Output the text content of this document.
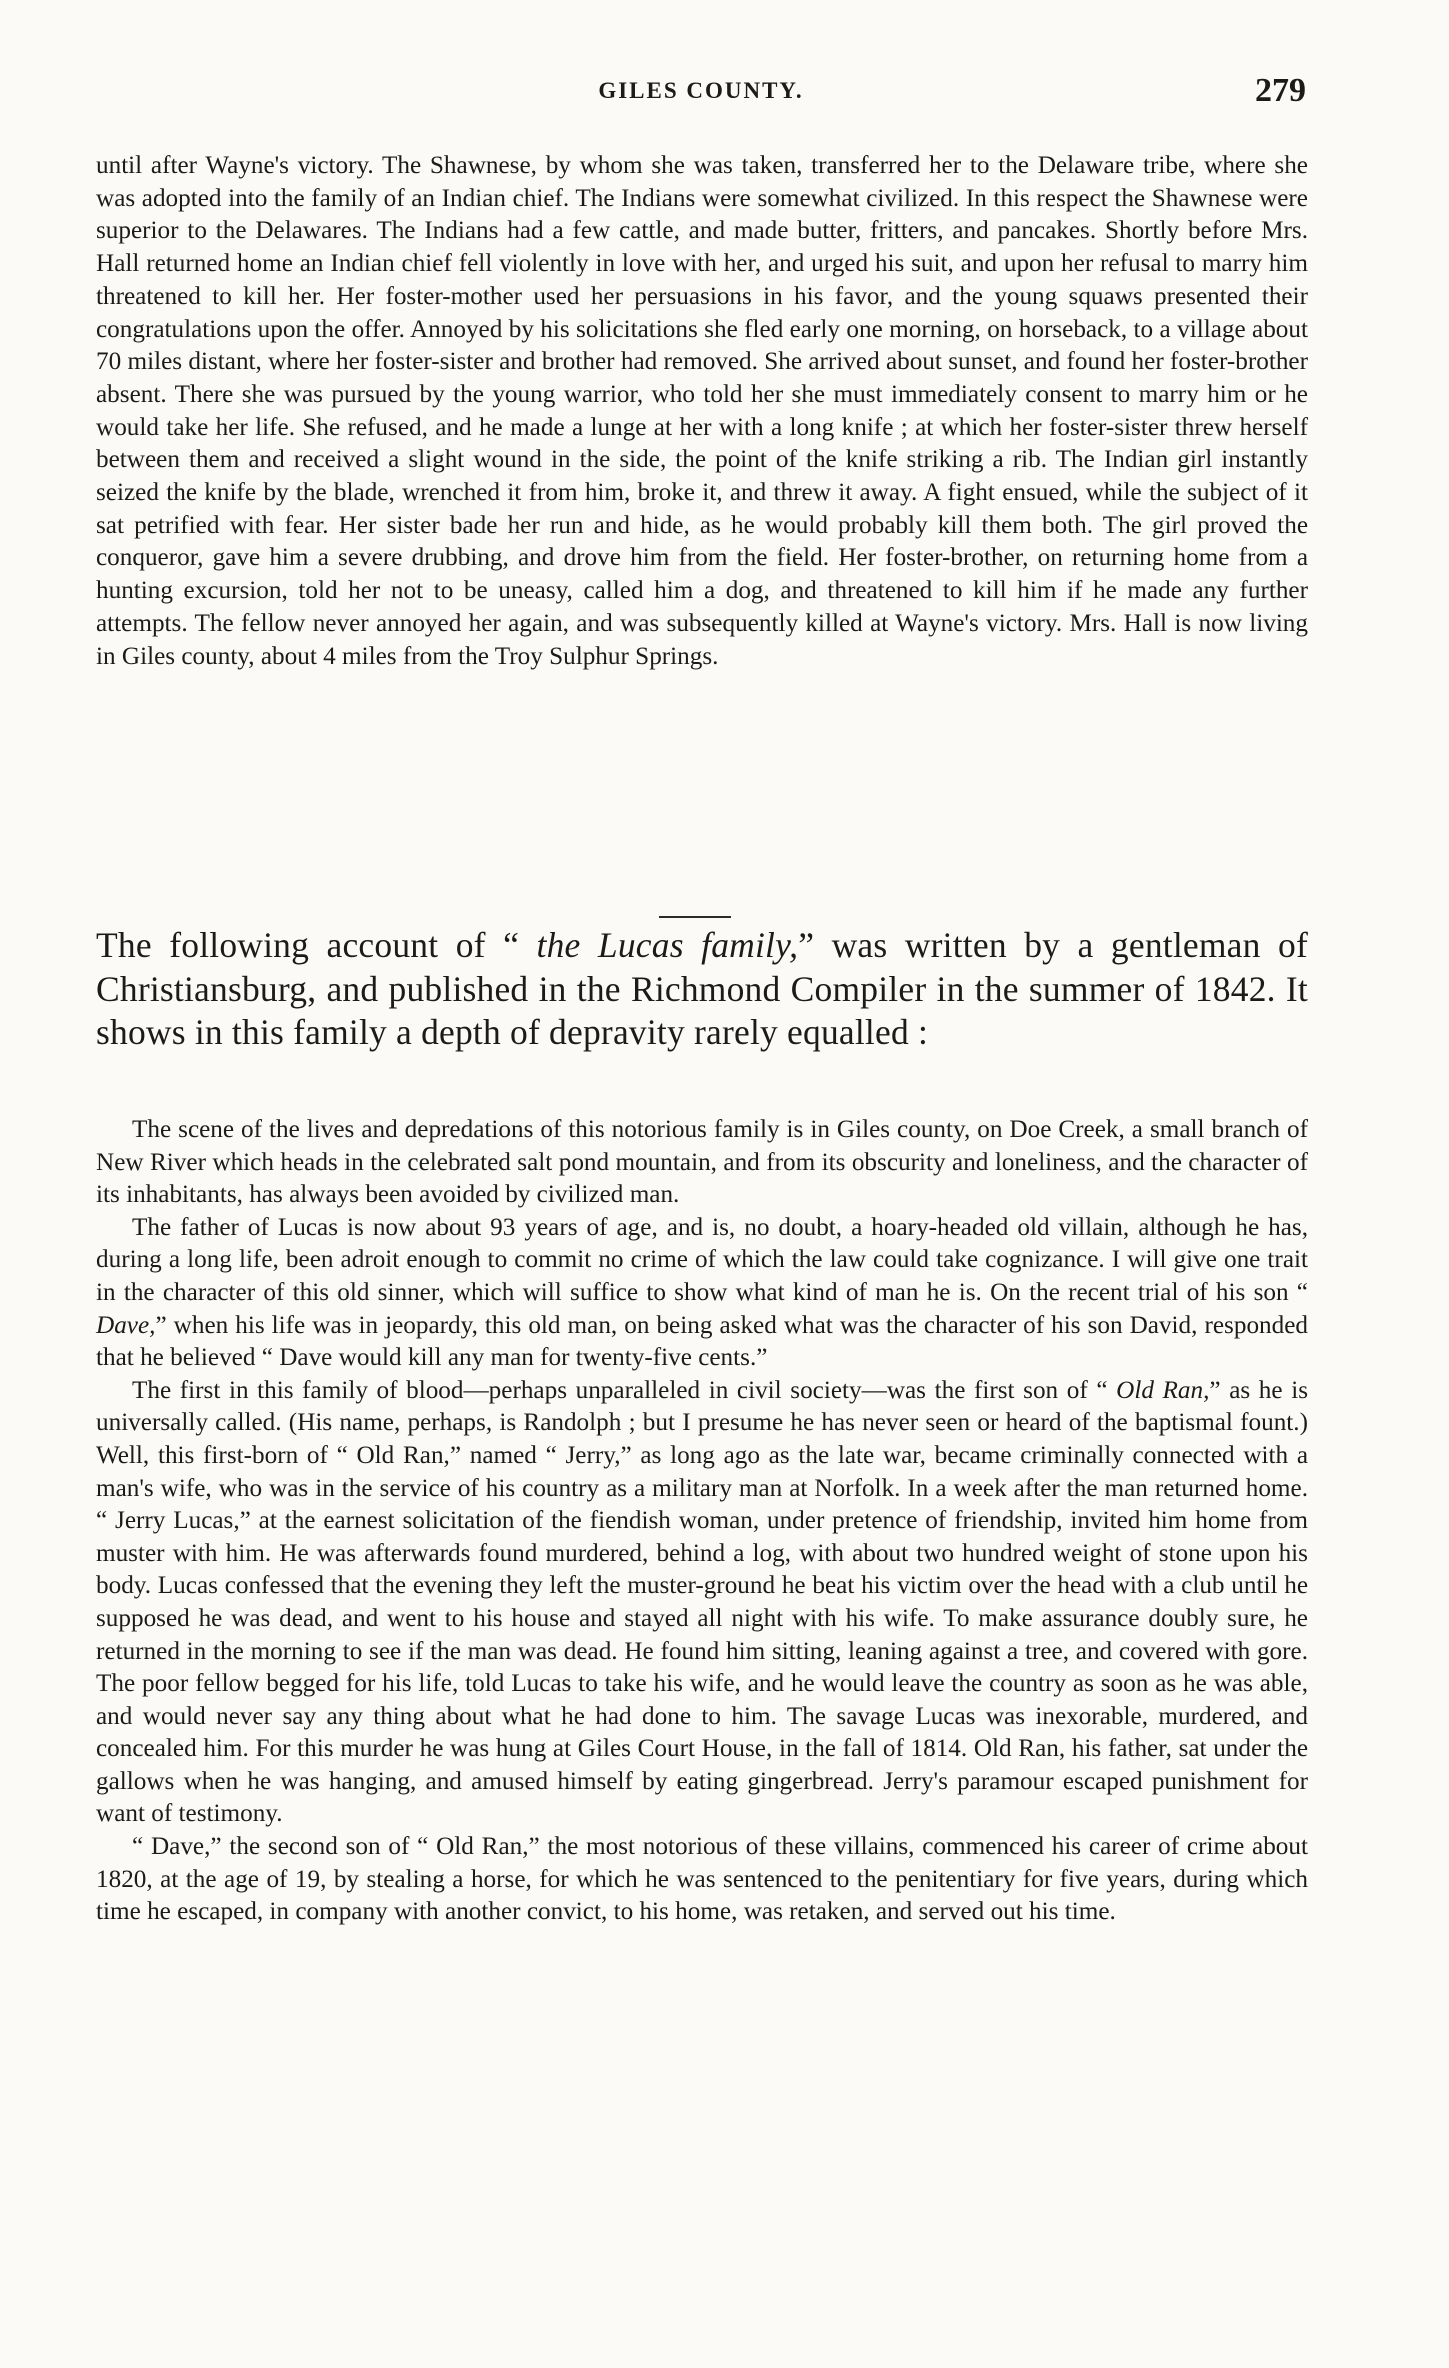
GILES COUNTY.	279

until after Wayne's victory. The Shawnese, by whom she was taken, transferred her to the Delaware tribe, where she was adopted into the family of an Indian chief. The Indians were somewhat civilized. In this respect the Shawnese were superior to the Delawares. The Indians had a few cattle, and made butter, fritters, and pancakes. Shortly before Mrs. Hall returned home an Indian chief fell violently in love with her, and urged his suit, and upon her refusal to marry him threatened to kill her. Her foster-mother used her persuasions in his favor, and the young squaws presented their congratulations upon the offer. Annoyed by his solicitations she fled early one morning, on horseback, to a village about 70 miles distant, where her foster-sister and brother had removed. She arrived about sunset, and found her foster-brother absent. There she was pursued by the young warrior, who told her she must immediately consent to marry him or he would take her life. She refused, and he made a lunge at her with a long knife ; at which her foster-sister threw herself between them and received a slight wound in the side, the point of the knife striking a rib. The Indian girl instantly seized the knife by the blade, wrenched it from him, broke it, and threw it away. A fight ensued, while the subject of it sat petrified with fear. Her sister bade her run and hide, as he would probably kill them both. The girl proved the conqueror, gave him a severe drubbing, and drove him from the field. Her foster-brother, on returning home from a hunting excursion, told her not to be uneasy, called him a dog, and threatened to kill him if he made any further attempts. The fellow never annoyed her again, and was subsequently killed at Wayne's victory. Mrs. Hall is now living in Giles county, about 4 miles from the Troy Sulphur Springs.

The following account of “ the Lucas family,” was written by a gentleman of Christiansburg, and published in the Richmond Compiler in the summer of 1842. It shows in this family a depth of depravity rarely equalled :

The scene of the lives and depredations of this notorious family is in Giles county, on Doe Creek, a small branch of New River which heads in the celebrated salt pond mountain, and from its obscurity and loneliness, and the character of its inhabitants, has always been avoided by civilized man.

The father of Lucas is now about 93 years of age, and is, no doubt, a hoary-headed old villain, although he has, during a long life, been adroit enough to commit no crime of which the law could take cognizance. I will give one trait in the character of this old sinner, which will suffice to show what kind of man he is. On the recent trial of his son “ Dave,” when his life was in jeopardy, this old man, on being asked what was the character of his son David, responded that he believed “ Dave would kill any man for twenty-five cents.”

The first in this family of blood—perhaps unparalleled in civil society—was the first son of “ Old Ran,” as he is universally called. (His name, perhaps, is Randolph ; but I presume he has never seen or heard of the baptismal fount.) Well, this first-born of “ Old Ran,” named “ Jerry,” as long ago as the late war, became criminally connected with a man's wife, who was in the service of his country as a military man at Norfolk. In a week after the man returned home. “ Jerry Lucas,” at the earnest solicitation of the fiendish woman, under pretence of friendship, invited him home from muster with him. He was afterwards found murdered, behind a log, with about two hundred weight of stone upon his body. Lucas confessed that the evening they left the muster-ground he beat his victim over the head with a club until he supposed he was dead, and went to his house and stayed all night with his wife. To make assurance doubly sure, he returned in the morning to see if the man was dead. He found him sitting, leaning against a tree, and covered with gore. The poor fellow begged for his life, told Lucas to take his wife, and he would leave the country as soon as he was able, and would never say any thing about what he had done to him. The savage Lucas was inexorable, murdered, and concealed him. For this murder he was hung at Giles Court House, in the fall of 1814. Old Ran, his father, sat under the gallows when he was hanging, and amused himself by eating gingerbread. Jerry's paramour escaped punishment for want of testimony.

“ Dave,” the second son of “ Old Ran,” the most notorious of these villains, commenced his career of crime about 1820, at the age of 19, by stealing a horse, for which he was sentenced to the penitentiary for five years, during which time he escaped, in company with another convict, to his home, was retaken, and served out his time.
